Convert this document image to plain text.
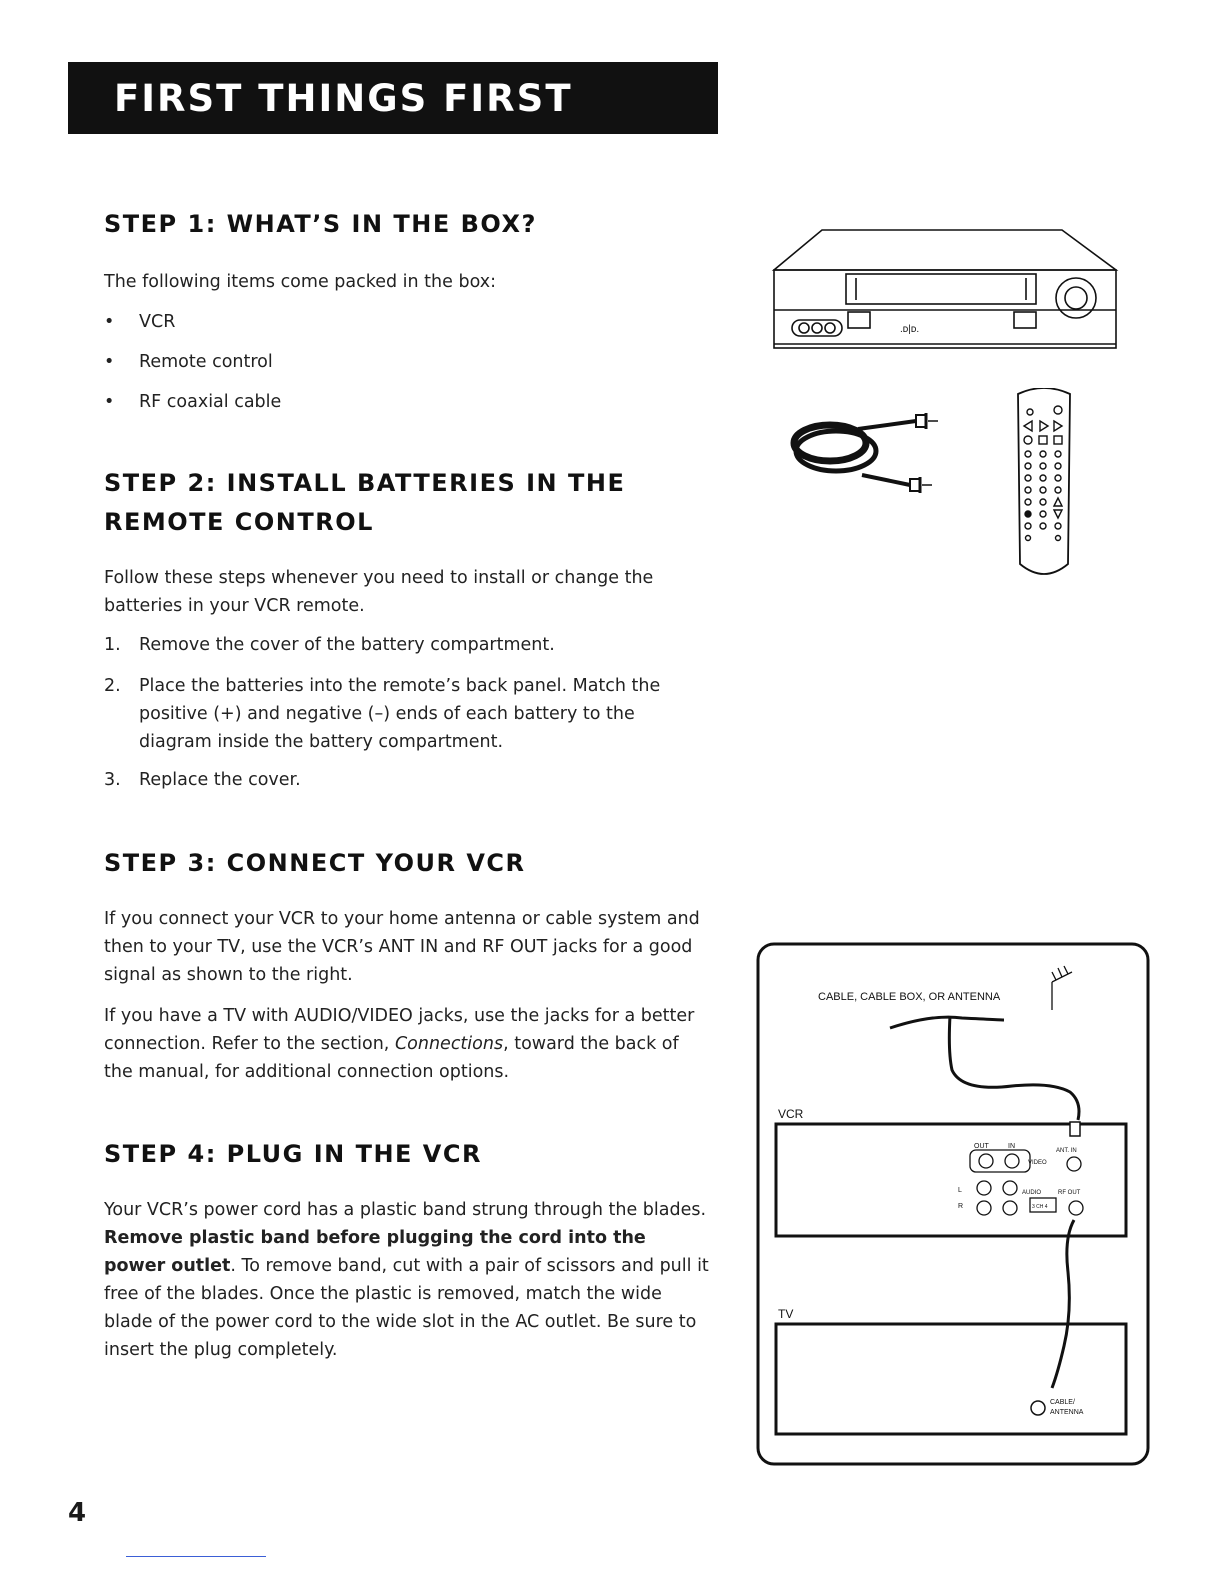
FIRST THINGS FIRST
STEP 1: WHAT’S IN THE BOX?

The following items come packed in the box:

• VCR
• Remote control
• RF coaxial cable
STEP 2: INSTALL BATTERIES IN THE
REMOTE CONTROL

Follow these steps whenever you need to install or change the batteries in your VCR remote.

1. Remove the cover of the battery compartment.
2. Place the batteries into the remote’s back panel. Match the positive (+) and negative (–) ends of each battery to the diagram inside the battery compartment.
3. Replace the cover.
STEP 3: CONNECT YOUR VCR

If you connect your VCR to your home antenna or cable system and then to your TV, use the VCR’s ANT IN and RF OUT jacks for a good signal as shown to the right.

If you have a TV with AUDIO/VIDEO jacks, use the jacks for a better connection. Refer to the section, Connections, toward the back of the manual, for additional connection options.

STEP 4: PLUG IN THE VCR

Your VCR’s power cord has a plastic band strung through the blades. Remove plastic band before plugging the cord into the power outlet. To remove band, cut with a pair of scissors and pull it free of the blades. Once the plastic is removed, match the wide blade of the power cord to the wide slot in the AC outlet. Be sure to insert the plug completely.

.ᴅ|ᴅ.
CABLE, CABLE BOX, OR ANTENNA
VCR
OUT	IN
VIDEO
L
R
AUDIO
3 CH 4
ANT. IN
RF OUT
TV
CABLE/
ANTENNA
4
